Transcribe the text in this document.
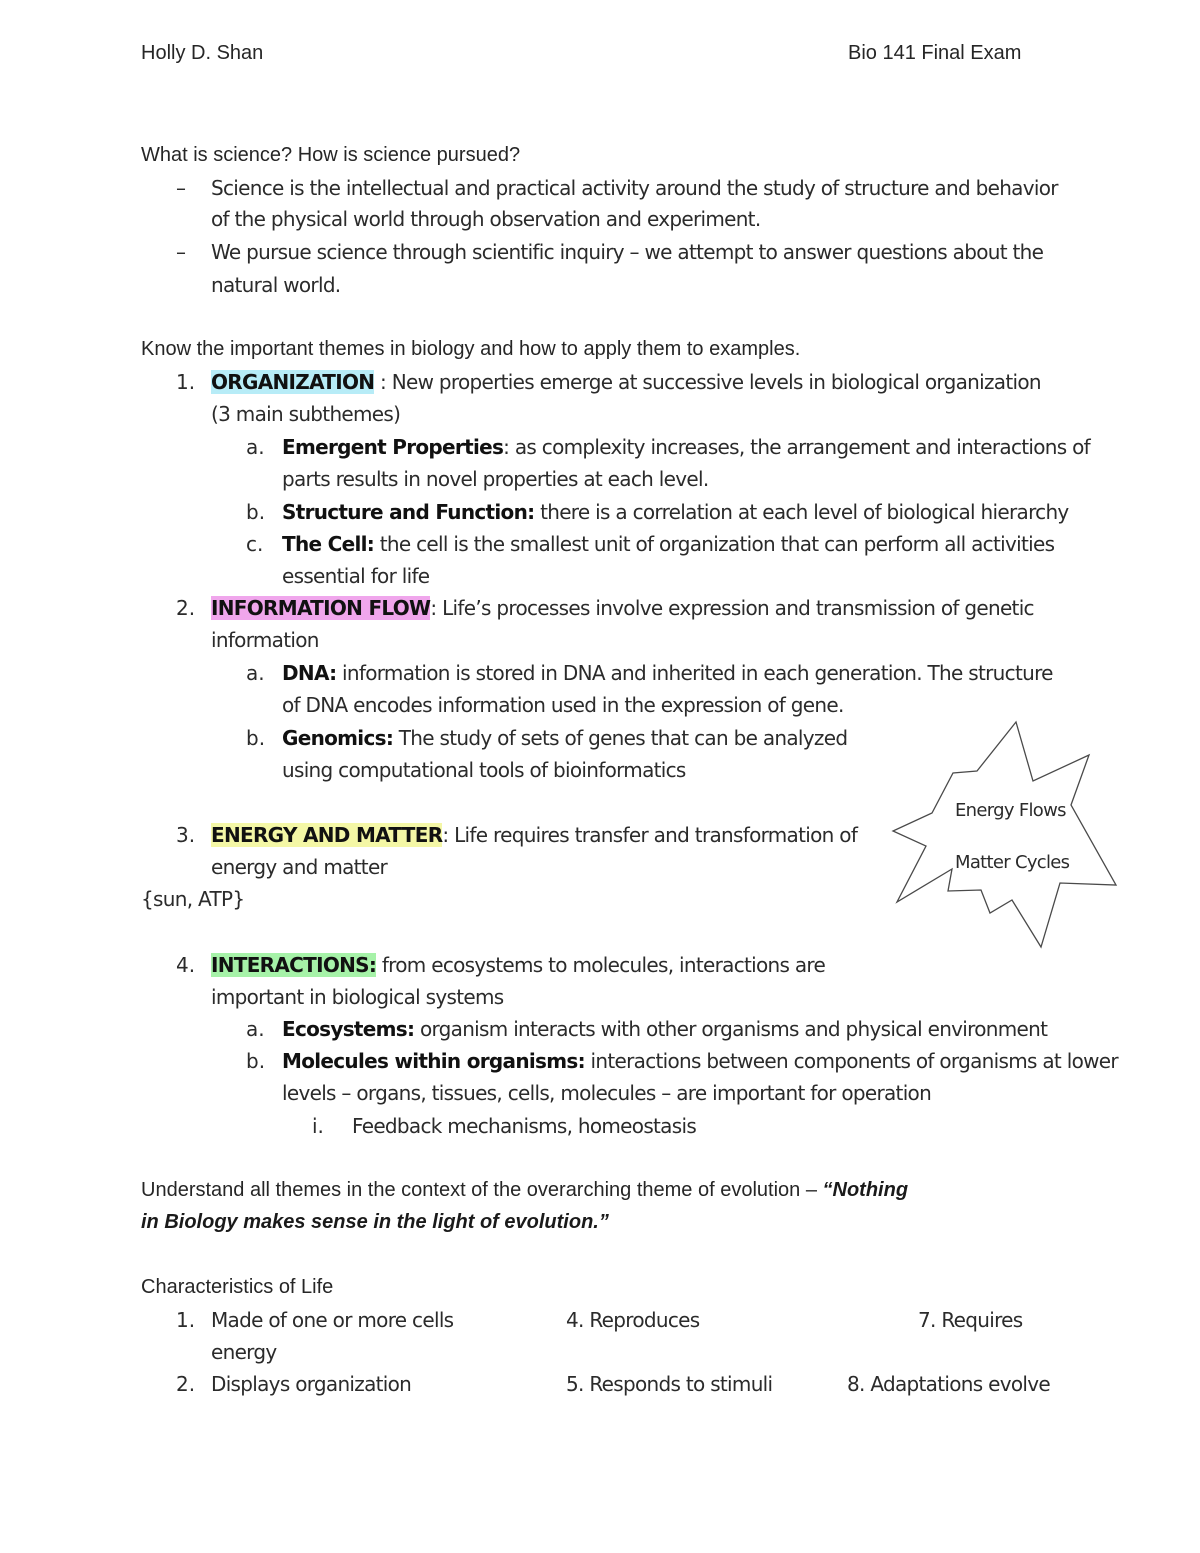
Holly D. Shan	Bio 141 Final Exam
What is science? How is science pursued?
– Science is the intellectual and practical activity around the study of structure and behavior
of the physical world through observation and experiment.
– We pursue science through scientific inquiry – we attempt to answer questions about the
natural world.
Know the important themes in biology and how to apply them to examples.
1. ORGANIZATION : New properties emerge at successive levels in biological organization
(3 main subthemes)
a. Emergent Properties: as complexity increases, the arrangement and interactions of
parts results in novel properties at each level.
b. Structure and Function: there is a correlation at each level of biological hierarchy
c. The Cell: the cell is the smallest unit of organization that can perform all activities
essential for life
2. INFORMATION FLOW: Life’s processes involve expression and transmission of genetic
information
a. DNA: information is stored in DNA and inherited in each generation. The structure
of DNA encodes information used in the expression of gene.
b. Genomics: The study of sets of genes that can be analyzed
using computational tools of bioinformatics
3. ENERGY AND MATTER: Life requires transfer and transformation of
energy and matter
{sun, ATP}
Energy Flows
Matter Cycles
4. INTERACTIONS: from ecosystems to molecules, interactions are
important in biological systems
a. Ecosystems: organism interacts with other organisms and physical environment
b. Molecules within organisms: interactions between components of organisms at lower
levels – organs, tissues, cells, molecules – are important for operation
i. Feedback mechanisms, homeostasis
Understand all themes in the context of the overarching theme of evolution – “Nothing
in Biology makes sense in the light of evolution.”
Characteristics of Life
1. Made of one or more cells	4. Reproduces	7. Requires
energy
2. Displays organization	5. Responds to stimuli	8. Adaptations evolve
